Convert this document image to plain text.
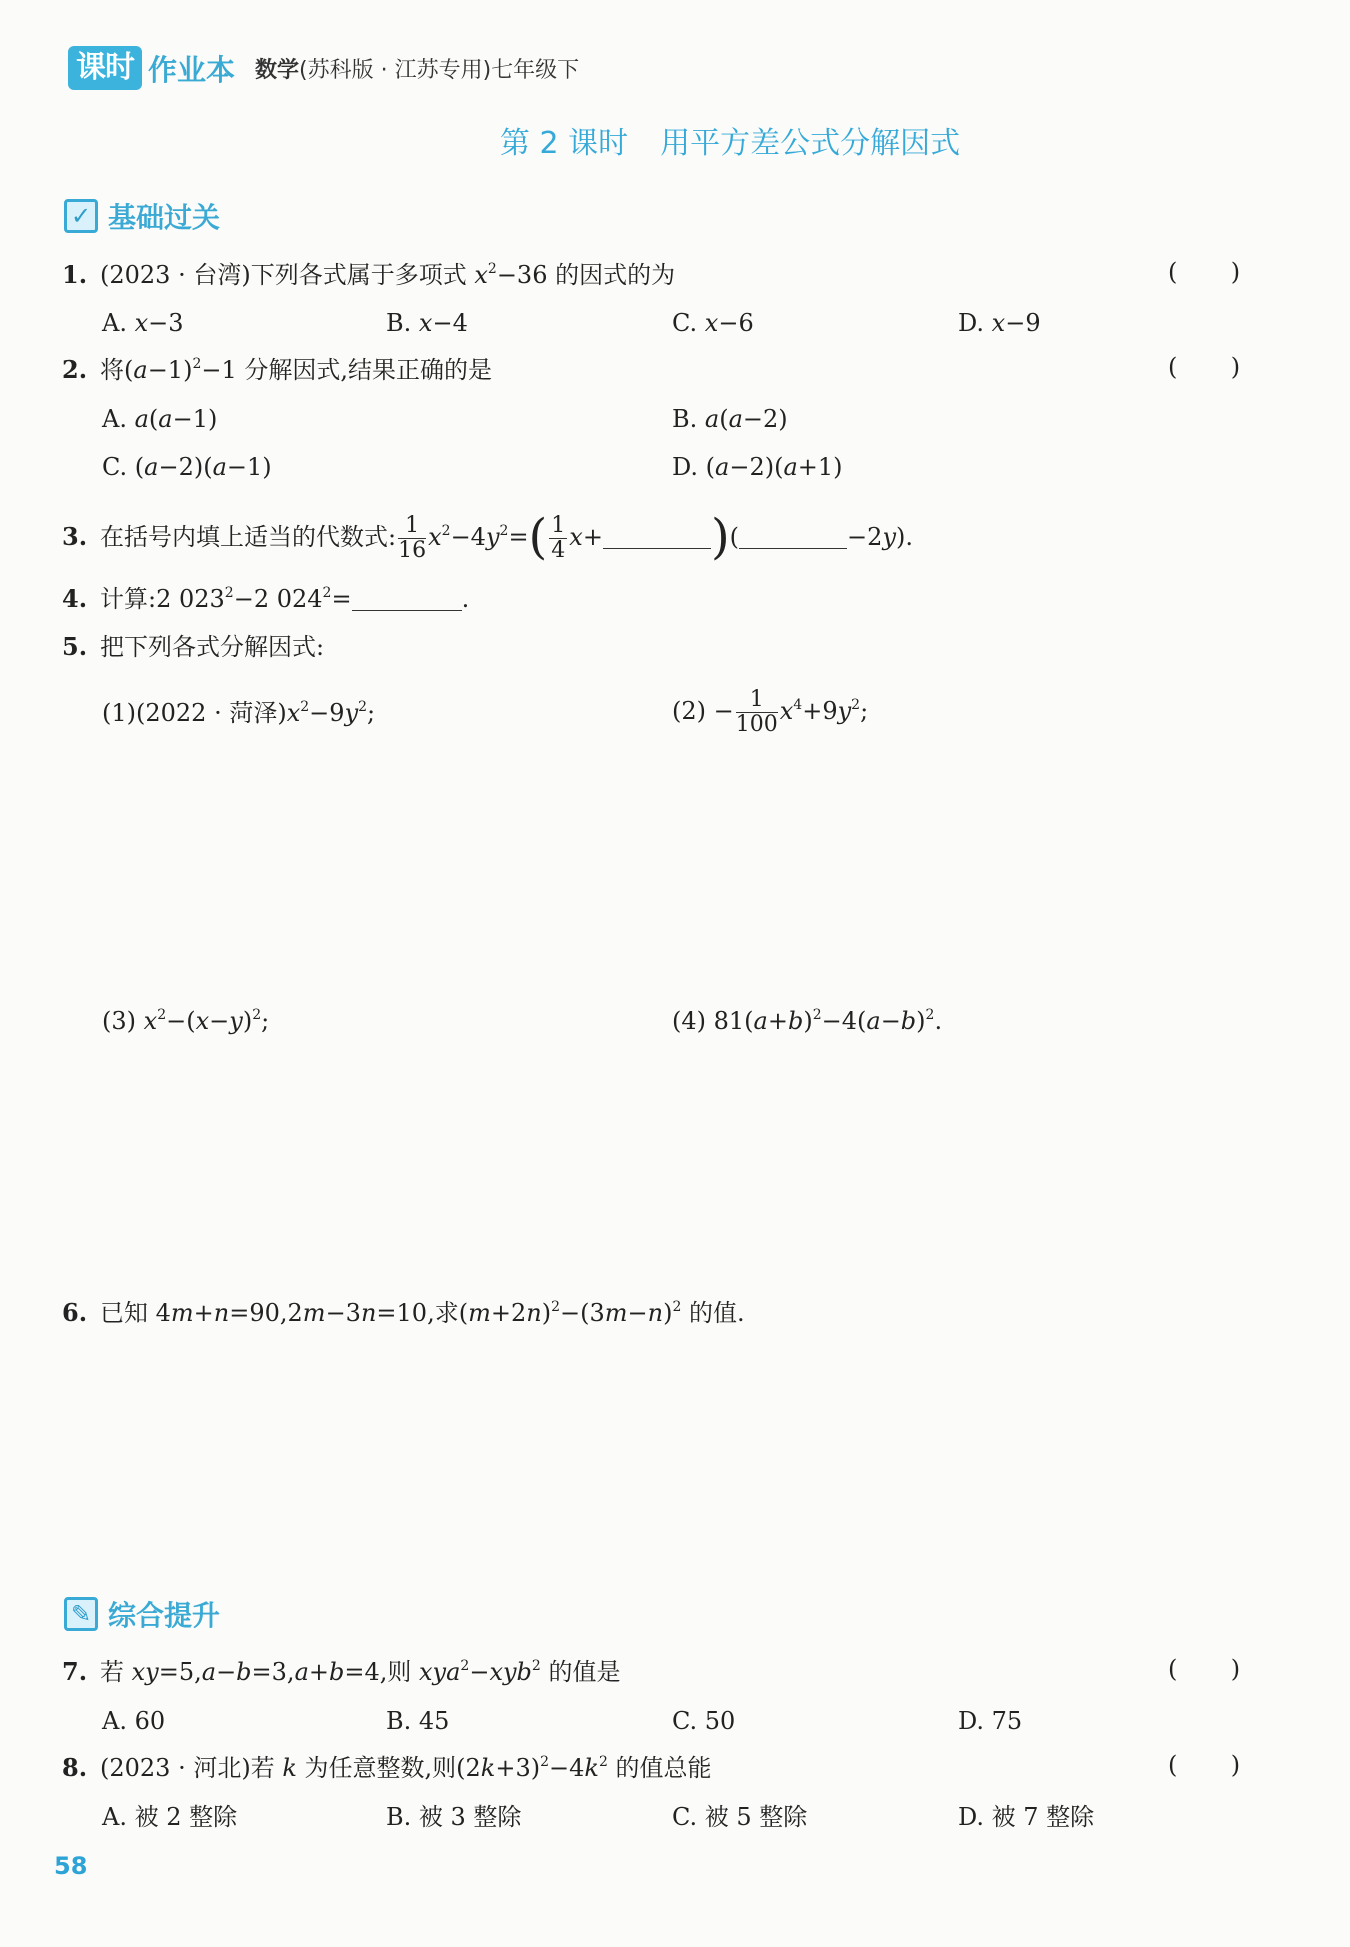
课时 作业本 数学(苏科版 · 江苏专用)七年级下
第 2 课时 用平方差公式分解因式
✓ 基础过关
1. (2023 · 台湾)下列各式属于多项式 $x^2-36$ 的因式的为	(       )
A. x−3	B. x−4	C. x−6	D. x−9
2. 将$(a-1)^2-1$ 分解因式,结果正确的是	(       )
A. a(a−1)	B. a(a−2)
C. (a−2)(a−1)	D. (a−2)(a+1)
3. 在括号内填上适当的代数式: $\frac{1}{16} x^2-4y^2=( \frac{1}{4} x+$ )(	−2y).
4. 计算:2 $023^2-2$ $024^2=$	.
5. 把下列各式分解因式:
(1)(2022 · 菏泽)$x^2-9y^2$;	$(2) - \frac{1}{100} x^4+9y^2$;
(3) $x^2-(x-y)^2$;	(4) $81(a+b)^2-4(a-b)^2$.
6. 已知 4m+n=90,2m−3n=10,求$(m+2n)^2-(3m-n)^2$ 的值.
✎ 综合提升
7. 若 xy=5,a−b=3,a+b=4,则 xya$^2$−xyb$^2$ 的值是	(       )
A. 60	B. 45	C. 50	D. 75
8. (2023 · 河北)若 k 为任意整数,则$(2k+3)^2-4k^2$ 的值总能	(       )
A. 被 2 整除	B. 被 3 整除	C. 被 5 整除	D. 被 7 整除
58
